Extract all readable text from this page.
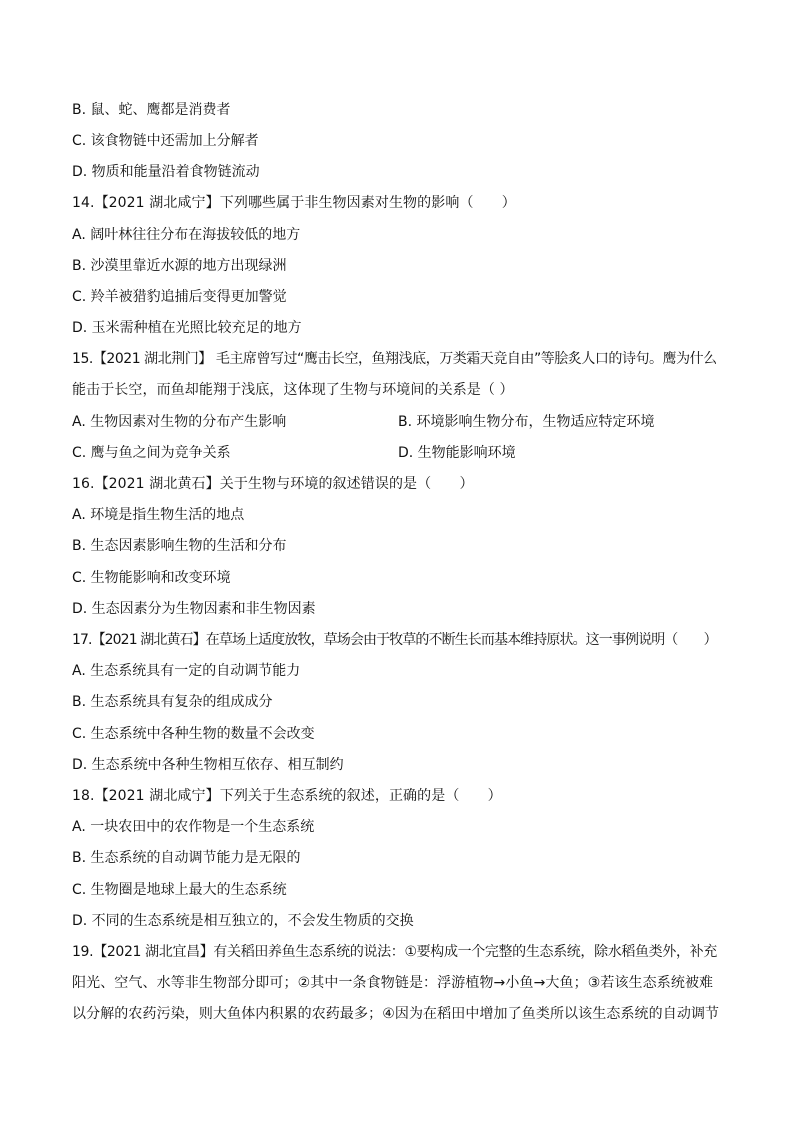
B. 鼠、蛇、鹰都是消费者
C. 该食物链中还需加上分解者
D. 物质和能量沿着食物链流动
14.【2021 湖北咸宁】下列哪些属于非生物因素对生物的影响（　　）
A. 阔叶林往往分布在海拔较低的地方
B. 沙漠里靠近水源的地方出现绿洲
C. 羚羊被猎豹追捕后变得更加警觉
D. 玉米需种植在光照比较充足的地方
15.【2021 湖北荆门】 毛主席曾写过“鹰击长空，鱼翔浅底，万类霜天竞自由”等脍炙人口的诗句。鹰为什么
能击于长空，而鱼却能翔于浅底，这体现了生物与环境间的关系是（ ）
A. 生物因素对生物的分布产生影响	B. 环境影响生物分布，生物适应特定环境
C. 鹰与鱼之间为竞争关系	D. 生物能影响环境
16.【2021 湖北黄石】关于生物与环境的叙述错误的是（　　）
A. 环境是指生物生活的地点
B. 生态因素影响生物的生活和分布
C. 生物能影响和改变环境
D. 生态因素分为生物因素和非生物因素
17.【2021 湖北黄石】在草场上适度放牧，草场会由于牧草的不断生长而基本维持原状。这一事例说明（　　）
A. 生态系统具有一定的自动调节能力
B. 生态系统具有复杂的组成成分
C. 生态系统中各种生物的数量不会改变
D. 生态系统中各种生物相互依存、相互制约
18.【2021 湖北咸宁】下列关于生态系统的叙述，正确的是（　　）
A. 一块农田中的农作物是一个生态系统
B. 生态系统的自动调节能力是无限的
C. 生物圈是地球上最大的生态系统
D. 不同的生态系统是相互独立的，不会发生物质的交换
19.【2021 湖北宜昌】有关稻田养鱼生态系统的说法：①要构成一个完整的生态系统，除水稻鱼类外，补充
阳光、空气、水等非生物部分即可；②其中一条食物链是：浮游植物→小鱼→大鱼；③若该生态系统被难
以分解的农药污染，则大鱼体内积累的农药最多；④因为在稻田中增加了鱼类所以该生态系统的自动调节
